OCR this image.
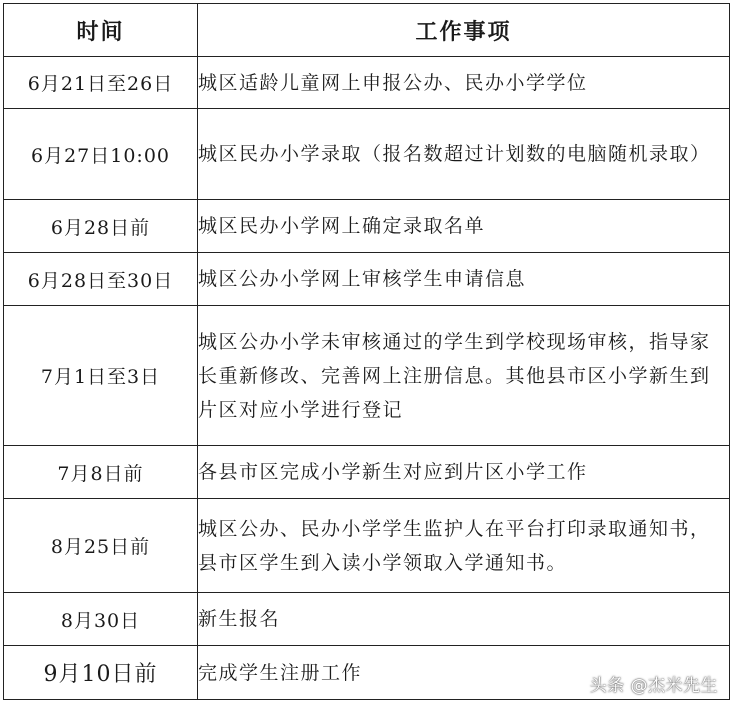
时间	工作事项
6月21日至26日	城区适龄儿童网上申报公办、民办小学学位
6月27日10:00	城区民办小学录取（报名数超过计划数的电脑随机录取）
6月28日前	城区民办小学网上确定录取名单
6月28日至30日	城区公办小学网上审核学生申请信息
7月1日至3日	城区公办小学未审核通过的学生到学校现场审核，指导家长重新修改、完善网上注册信息。其他县市区小学新生到片区对应小学进行登记
7月8日前	各县市区完成小学新生对应到片区小学工作
8月25日前	城区公办、民办小学学生监护人在平台打印录取通知书，县市区学生到入读小学领取入学通知书。
8月30日	新生报名
9月10日前	完成学生注册工作
头条 @杰米先生
